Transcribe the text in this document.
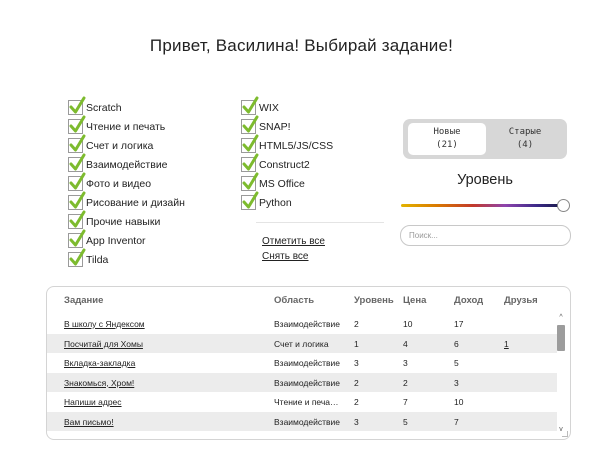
Привет, Василина! Выбирай задание!
Scratch
Чтение и печать
Счет и логика
Взаимодействие
Фото и видео
Рисование и дизайн
Прочие навыки
App Inventor
Tilda
WIX
SNAP!
HTML5/JS/CSS
Construct2
MS Office
Python
Отметить все
Снять все
Новые
(21)
Старые
(4)
Уровень
Поиск...
Задание	Область	Уровень Цена	Доход	Друзья
В школу с Яндексом	Взаимодействие	2	10	17
Посчитай для Хомы	Счет и логика	1	4	6	1
Вкладка-закладка	Взаимодействие	3	3	5
Знакомься, Хром!	Взаимодействие	2	2	3
Напиши адрес	Чтение и печа…	2	7	10
Вам письмо!	Взаимодействие	3	5	7
^
v
